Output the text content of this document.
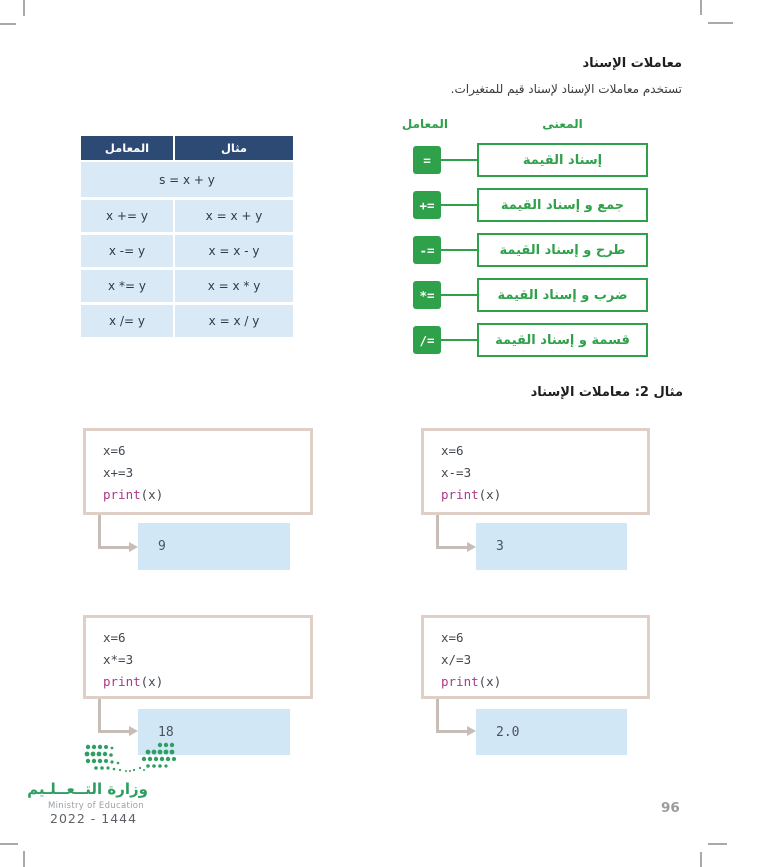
معاملات الإسناد
تستخدم معاملات الإسناد لإسناد قيم للمتغيرات.
المعامل	مثال
s = x + y
x += y	x = x + y
x -= y	x = x - y
x *= y	x = x * y
x /= y	x = x / y
المعامل	المعنى
=	إسناد القيمة
+=	جمع و إسناد القيمة
-=	طرح و إسناد القيمة
*=	ضرب و إسناد القيمة
/=	قسمة و إسناد القيمة
مثال 2: معاملات الإسناد
x=6
x+=3
print(x)
9
x=6
x-=3
print(x)
3
x=6
x*=3
print(x)
18
x=6
x/=3
print(x)
2.0
وزارة التــعــلـيم
Ministry of Education
2022 - 1444
96
